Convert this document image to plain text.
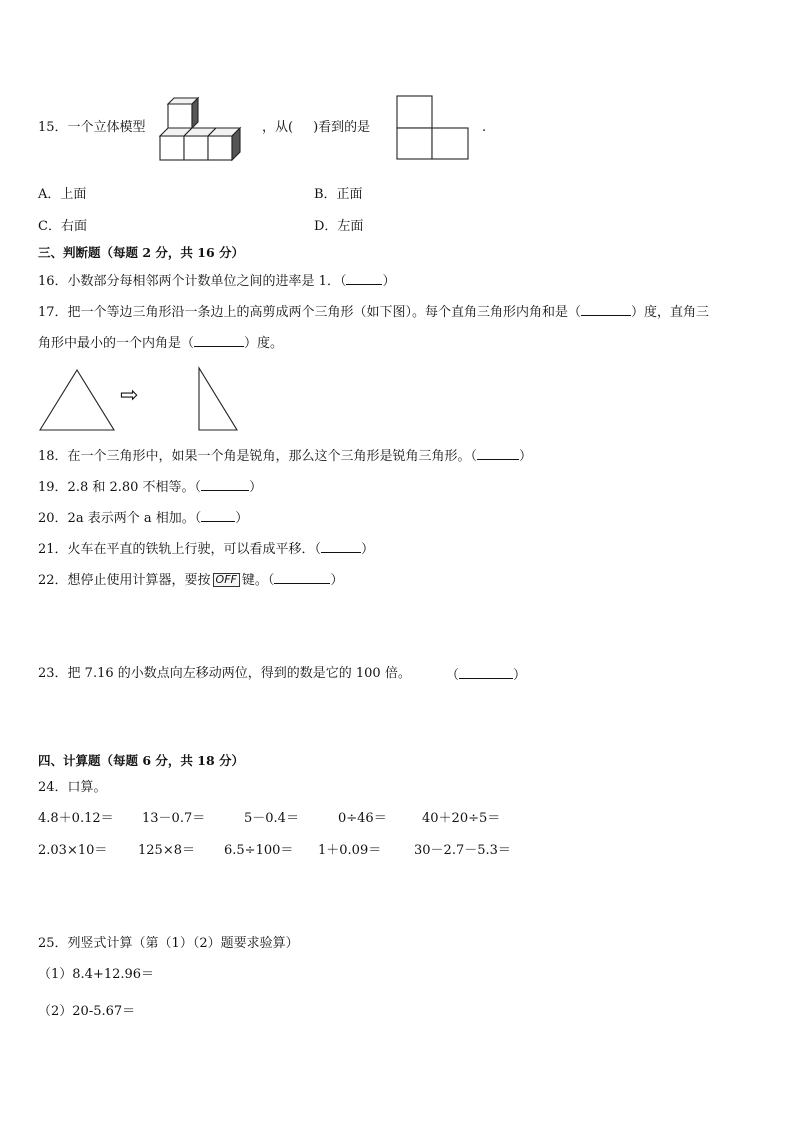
15．一个立体模型	，从( )看到的是	.
A．上面	B．正面
C．右面	D．左面
三、判断题（每题 2 分，共 16 分）
16．小数部分每相邻两个计数单位之间的进率是 1．（	）
17．把一个等边三角形沿一条边上的高剪成两个三角形（如下图）。每个直角三角形内角和是（	）度，直角三
角形中最小的一个内角是（	）度。
⇨
18．在一个三角形中，如果一个角是锐角，那么这个三角形是锐角三角形。（	）
19．2.8 和 2.80 不相等。（	）
20．2a 表示两个 a 相加。（	）
21．火车在平直的铁轨上行驶，可以看成平移．（	）
22．想停止使用计算器，要按 OFF 键。（	）
23．把 7.16 的小数点向左移动两位，得到的数是它的 100 倍。	（	）
四、计算题（每题 6 分，共 18 分）
24．口算。
4.8＋0.12＝ 13－0.7＝	5－0.4＝	0÷46＝	40＋20÷5＝
2.03×10＝ 125×8＝ 6.5÷100＝ 1＋0.09＝	30－2.7－5.3＝
25．列竖式计算（第（1）（2）题要求验算）
（1）8.4+12.96＝
（2）20-5.67＝
